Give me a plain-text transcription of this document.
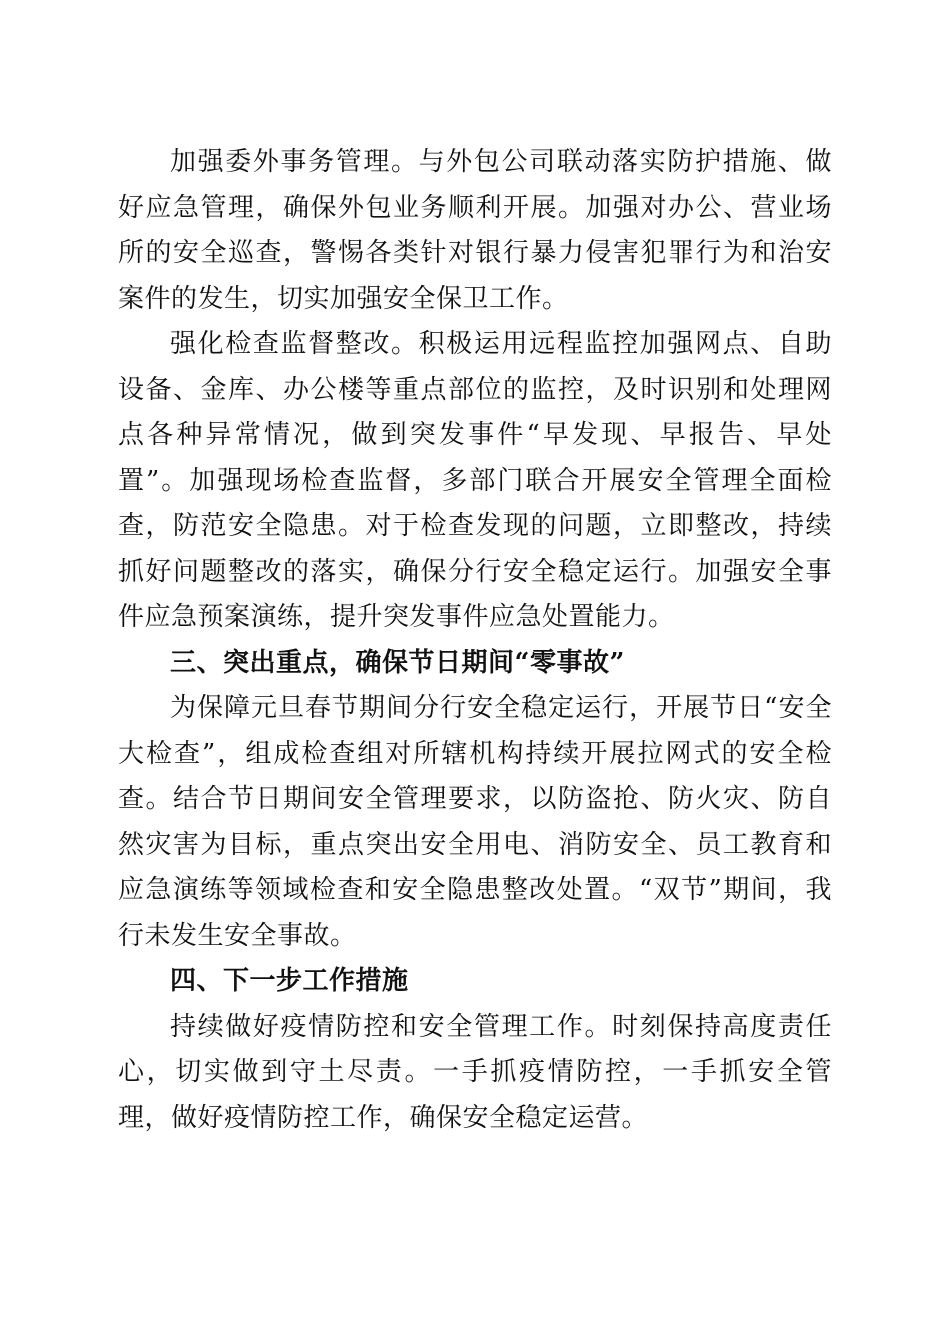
加强委外事务管理。与外包公司联动落实防护措施、做好应急管理，确保外包业务顺利开展。加强对办公、营业场所的安全巡查，警惕各类针对银行暴力侵害犯罪行为和治安案件的发生，切实加强安全保卫工作。

强化检查监督整改。积极运用远程监控加强网点、自助设备、金库、办公楼等重点部位的监控，及时识别和处理网点各种异常情况，做到突发事件“早发现、早报告、早处置”。加强现场检查监督，多部门联合开展安全管理全面检查，防范安全隐患。对于检查发现的问题，立即整改，持续抓好问题整改的落实，确保分行安全稳定运行。加强安全事件应急预案演练，提升突发事件应急处置能力。

三、突出重点，确保节日期间“零事故”

为保障元旦春节期间分行安全稳定运行，开展节日“安全大检查”，组成检查组对所辖机构持续开展拉网式的安全检查。结合节日期间安全管理要求，以防盗抢、防火灾、防自然灾害为目标，重点突出安全用电、消防安全、员工教育和应急演练等领域检查和安全隐患整改处置。“双节”期间，我行未发生安全事故。

四、下一步工作措施

持续做好疫情防控和安全管理工作。时刻保持高度责任心，切实做到守土尽责。一手抓疫情防控，一手抓安全管理，做好疫情防控工作，确保安全稳定运营。
